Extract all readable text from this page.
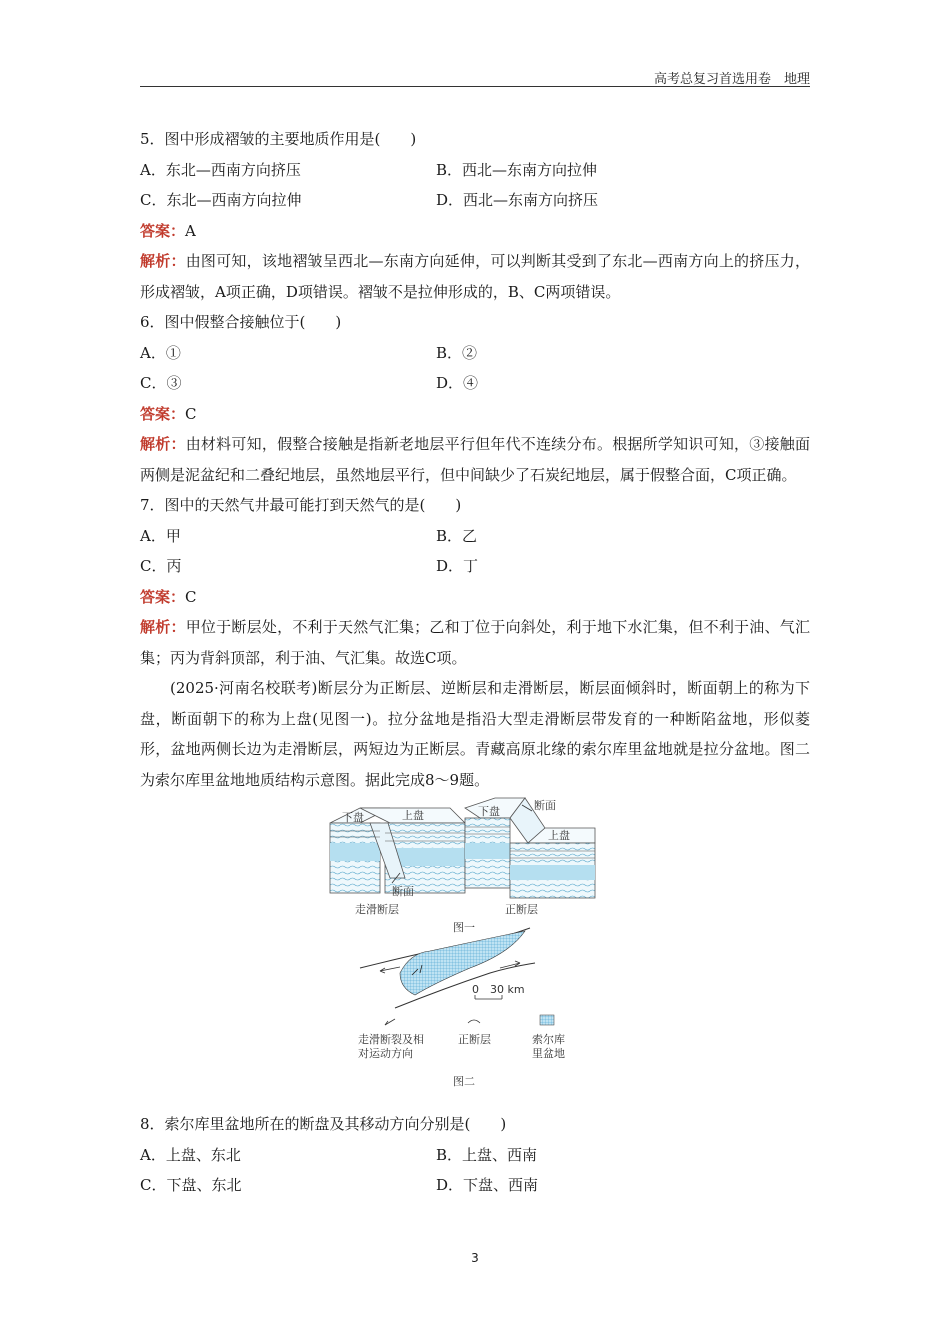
高考总复习首选用卷　地理

5．图中形成褶皱的主要地质作用是(　　)

A．东北—西南方向挤压	B．西北—东南方向拉伸
C．东北—西南方向拉伸	D．西北—东南方向挤压

答案：A

解析：由图可知，该地褶皱呈西北—东南方向延伸，可以判断其受到了东北—西南方向上的挤压力，形成褶皱，A项正确，D项错误。褶皱不是拉伸形成的，B、C两项错误。

6．图中假整合接触位于(　　)

A．①	B．②
C．③	D．④

答案：C

解析：由材料可知，假整合接触是指新老地层平行但年代不连续分布。根据所学知识可知，③接触面两侧是泥盆纪和二叠纪地层，虽然地层平行，但中间缺少了石炭纪地层，属于假整合面，C项正确。

7．图中的天然气井最可能打到天然气的是(　　)

A．甲	B．乙
C．丙	D．丁

答案：C

解析：甲位于断层处，不利于天然气汇集；乙和丁位于向斜处，利于地下水汇集，但不利于油、气汇集；丙为背斜顶部，利于油、气汇集。故选C项。

(2025·河南名校联考)断层分为正断层、逆断层和走滑断层，断层面倾斜时，断面朝上的称为下盘，断面朝下的称为上盘(见图一)。拉分盆地是指沿大型走滑断层带发育的一种断陷盆地，形似菱形，盆地两侧长边为走滑断层，两短边为正断层。青藏高原北缘的索尔库里盆地就是拉分盆地。图二为索尔库里盆地地质结构示意图。据此完成8～9题。

下盘	上盘
断面
走滑断层
断面
下盘
上盘
正断层
图一
0 30 km
走滑断裂及相
对运动方向
正断层	索尔库
里盆地
图二

8．索尔库里盆地所在的断盘及其移动方向分别是(　　)

A．上盘、东北	B．上盘、西南
C．下盘、东北	D．下盘、西南
3
